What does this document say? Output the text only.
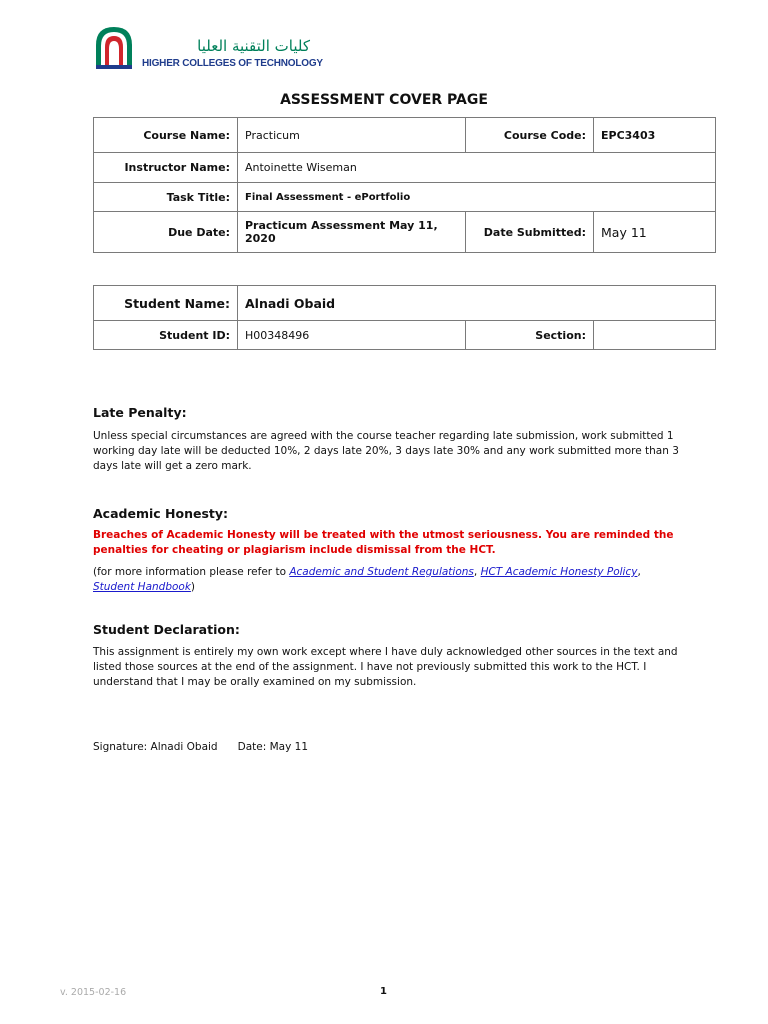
كليات التقنية العليا
HIGHER COLLEGES OF TECHNOLOGY
ASSESSMENT COVER PAGE
Course Name:	Practicum	Course Code:	EPC3403
Instructor Name:	Antoinette Wiseman		
Task Title:	Final Assessment - ePortfolio		
Due Date:	Practicum Assessment May 11, 2020	Date Submitted:	May 11
Student Name:	Alnadi Obaid		
Student ID:	H00348496	Section:	
Late Penalty:
Unless special circumstances are agreed with the course teacher regarding late submission, work submitted 1 working day late will be deducted 10%, 2 days late 20%, 3 days late 30% and any work submitted more than 3 days late will get a zero mark.
Academic Honesty:
Breaches of Academic Honesty will be treated with the utmost seriousness. You are reminded the penalties for cheating or plagiarism include dismissal from the HCT.
(for more information please refer to Academic and Student Regulations, HCT Academic Honesty Policy, Student Handbook)
Student Declaration:
This assignment is entirely my own work except where I have duly acknowledged other sources in the text and listed those sources at the end of the assignment. I have not previously submitted this work to the HCT. I understand that I may be orally examined on my submission.
Signature: Alnadi Obaid Date: May 11
v. 2015-02-16	1
